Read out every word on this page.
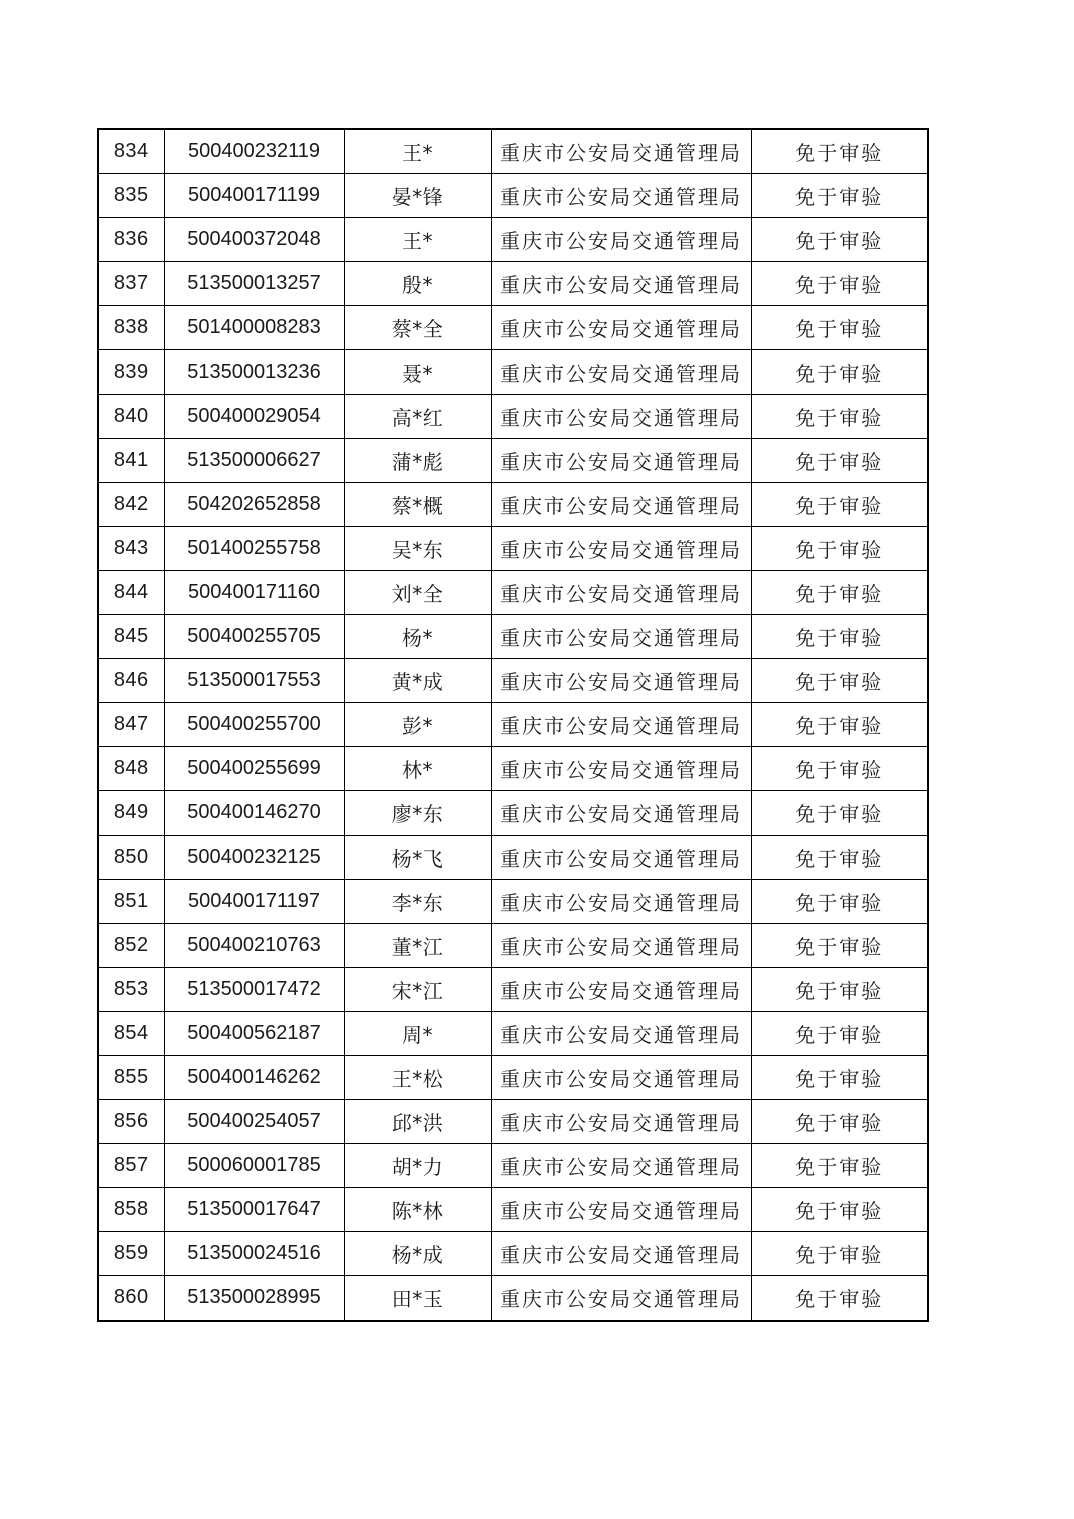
834	500400232119	王*	重庆市公安局交通管理局	免于审验
835	500400171199	晏*锋	重庆市公安局交通管理局	免于审验
836	500400372048	王*	重庆市公安局交通管理局	免于审验
837	513500013257	殷*	重庆市公安局交通管理局	免于审验
838	501400008283	蔡*全	重庆市公安局交通管理局	免于审验
839	513500013236	聂*	重庆市公安局交通管理局	免于审验
840	500400029054	高*红	重庆市公安局交通管理局	免于审验
841	513500006627	蒲*彪	重庆市公安局交通管理局	免于审验
842	504202652858	蔡*概	重庆市公安局交通管理局	免于审验
843	501400255758	吴*东	重庆市公安局交通管理局	免于审验
844	500400171160	刘*全	重庆市公安局交通管理局	免于审验
845	500400255705	杨*	重庆市公安局交通管理局	免于审验
846	513500017553	黄*成	重庆市公安局交通管理局	免于审验
847	500400255700	彭*	重庆市公安局交通管理局	免于审验
848	500400255699	林*	重庆市公安局交通管理局	免于审验
849	500400146270	廖*东	重庆市公安局交通管理局	免于审验
850	500400232125	杨*飞	重庆市公安局交通管理局	免于审验
851	500400171197	李*东	重庆市公安局交通管理局	免于审验
852	500400210763	董*江	重庆市公安局交通管理局	免于审验
853	513500017472	宋*江	重庆市公安局交通管理局	免于审验
854	500400562187	周*	重庆市公安局交通管理局	免于审验
855	500400146262	王*松	重庆市公安局交通管理局	免于审验
856	500400254057	邱*洪	重庆市公安局交通管理局	免于审验
857	500060001785	胡*力	重庆市公安局交通管理局	免于审验
858	513500017647	陈*林	重庆市公安局交通管理局	免于审验
859	513500024516	杨*成	重庆市公安局交通管理局	免于审验
860	513500028995	田*玉	重庆市公安局交通管理局	免于审验
